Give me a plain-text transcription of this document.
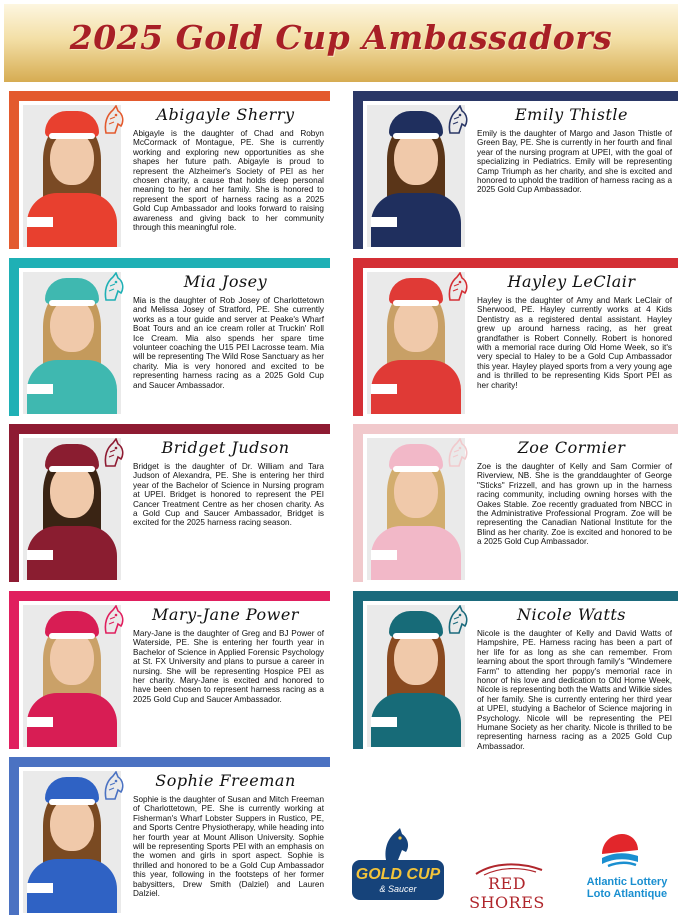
2025 Gold Cup Ambassadors
Abigayle Sherry
Abigayle is the daughter of Chad and Robyn McCormack of Montague, PE. She is currently working and exploring new opportunities as she shapes her future path. Abigayle is proud to represent the Alzheimer's Society of PEI as her chosen charity, a cause that holds deep personal meaning to her and her family. She is honored to represent the sport of harness racing as a 2025 Gold Cup Ambassador and looks forward to raising awareness and giving back to her community through this meaningful role.
Emily Thistle
Emily is the daughter of Margo and Jason Thistle of Green Bay, PE. She is currently in her fourth and final year of the nursing program at UPEI, with the goal of specializing in Pediatrics. Emily will be representing Camp Triumph as her charity, and she is excited and honored to uphold the tradition of harness racing as a 2025 Gold Cup Ambassador.
Mia Josey
Mia is the daughter of Rob Josey of Charlottetown and Melissa Josey of Stratford, PE. She currently works as a tour guide and server at Peake's Wharf Boat Tours and an ice cream roller at Truckin' Roll Ice Cream. Mia also spends her spare time volunteer coaching the U15 PEI Lacrosse team. Mia will be representing The Wild Rose Sanctuary as her charity. Mia is very honored and excited to be representing harness racing as a 2025 Gold Cup and Saucer Ambassador.
Hayley LeClair
Hayley is the daughter of Amy and Mark LeClair of Sherwood, PE. Hayley currently works at 4 Kids Dentistry as a registered dental assistant. Hayley grew up around harness racing, as her great grandfather is Robert Connelly. Robert is honored with a memorial race during Old Home Week, so it's very special to Haley to be a Gold Cup Ambassador this year. Hayley played sports from a very young age and is thrilled to be representing Kids Sport PEI as her charity!
Bridget Judson
Bridget is the daughter of Dr. William and Tara Judson of Alexandra, PE. She is entering her third year of the Bachelor of Science in Nursing program at UPEI. Bridget is honored to represent the PEI Cancer Treatment Centre as her chosen charity. As a Gold Cup and Saucer Ambassador, Bridget is excited for the 2025 harness racing season.
Zoe Cormier
Zoe is the daughter of Kelly and Sam Cormier of Riverview, NB. She is the granddaughter of George "Sticks" Frizzell, and has grown up in the harness racing community, including owning horses with the Oakes Stable. Zoe recently graduated from NBCC in the Administrative Professional Program. Zoe will be representing the Canadian National Institute for the Blind as her charity. Zoe is excited and honored to be a 2025 Gold Cup Ambassador.
Mary-Jane Power
Mary-Jane is the daughter of Greg and BJ Power of Waterside, PE. She is entering her fourth year in Bachelor of Science in Applied Forensic Psychology at St. FX University and plans to pursue a career in nursing. She will be representing Hospice PEI as her charity. Mary-Jane is excited and honored to have been chosen to represent harness racing as a 2025 Gold Cup and Saucer Ambassador.
Nicole Watts
Nicole is the daughter of Kelly and David Watts of Hampshire, PE. Harness racing has been a part of her life for as long as she can remember. From learning about the sport through family's "Windemere Farm" to attending her poppy's memorial race in honor of his love and dedication to Old Home Week, Nicole is representing both the Watts and Wilkie sides of her family. She is currently entering her third year at UPEI, studying a Bachelor of Science majoring in Psychology. Nicole will be representing the PEI Humane Society as her charity. Nicole is thrilled to be representing harness racing as a 2025 Gold Cup Ambassador.
Sophie Freeman
Sophie is the daughter of Susan and Mitch Freeman of Charlottetown, PE. She is currently working at Fisherman's Wharf Lobster Suppers in Rustico, PE, and Sports Centre Physiotherapy, while heading into her fourth year at Mount Allison University. Sophie will be representing Sports PEI with an emphasis on the women and girls in sport aspect. Sophie is thrilled and honored to be a Gold Cup Ambassador this year, following in the footsteps of her former babysitters, Drew Smith (Dalziel) and Lauren Dalziel.
GOLD CUP
& Saucer	RED SHORES
Atlantic Lottery
Loto Atlantique
